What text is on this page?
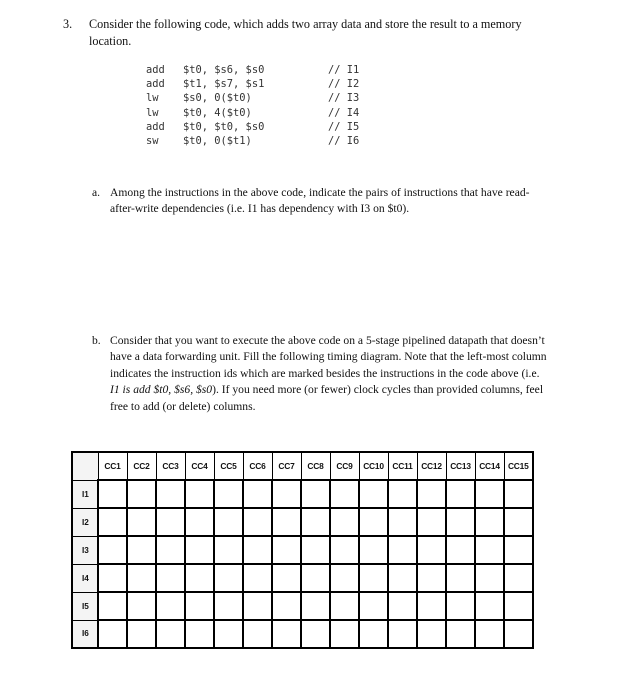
3. Consider the following code, which adds two array data and store the result to a memory location.
add $t0, $s6, $s0	// I1
add $t1, $s7, $s1	// I2
lw $s0, 0($t0)	// I3
lw $t0, 4($t0)	// I4
add $t0, $t0, $s0	// I5
sw $t0, 0($t1)	// I6
a. Among the instructions in the above code, indicate the pairs of instructions that have read-after-write dependencies (i.e. I1 has dependency with I3 on $t0).
b. Consider that you want to execute the above code on a 5-stage pipelined datapath that doesn’t have a data forwarding unit. Fill the following timing diagram. Note that the left-most column indicates the instruction ids which are marked besides the instructions in the code above (i.e. I1 is add $t0, $s6, $s0). If you need more (or fewer) clock cycles than provided columns, feel free to add (or delete) columns.
	CC1	CC2	CC3	CC4	CC5	CC6	CC7	CC8	CC9	CC10	CC11	CC12	CC13	CC14	CC15
I1															
I2															
I3															
I4															
I5															
I6															
